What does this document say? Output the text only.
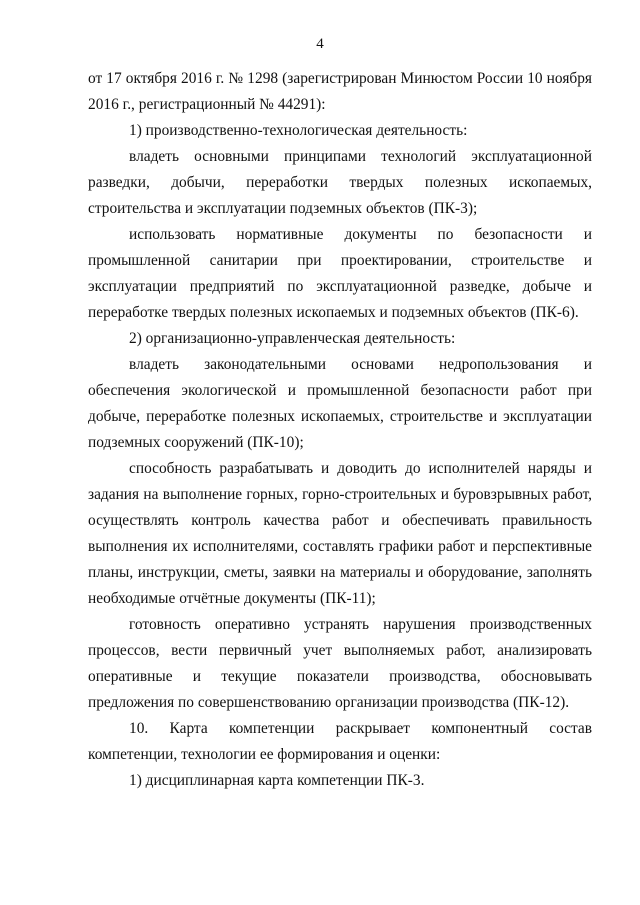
4

от 17 октября 2016 г. № 1298 (зарегистрирован Минюстом России 10 ноября 2016 г., регистрационный № 44291):

1) производственно-технологическая деятельность:

владеть основными принципами технологий эксплуатационной разведки, добычи, переработки твердых полезных ископаемых, строительства и эксплуатации подземных объектов (ПК-3);

использовать нормативные документы по безопасности и промышленной санитарии при проектировании, строительстве и эксплуатации предприятий по эксплуатационной разведке, добыче и переработке твердых полезных ископаемых и подземных объектов (ПК-6).

2) организационно-управленческая деятельность:

владеть законодательными основами недропользования и обеспечения экологической и промышленной безопасности работ при добыче, переработке полезных ископаемых, строительстве и эксплуатации подземных сооружений (ПК-10);

способность разрабатывать и доводить до исполнителей наряды и задания на выполнение горных, горно-строительных и буровзрывных работ, осуществлять контроль качества работ и обеспечивать правильность выполнения их исполнителями, составлять графики работ и перспективные планы, инструкции, сметы, заявки на материалы и оборудование, заполнять необходимые отчётные документы (ПК-11);

готовность оперативно устранять нарушения производственных процессов, вести первичный учет выполняемых работ, анализировать оперативные и текущие показатели производства, обосновывать предложения по совершенствованию организации производства (ПК-12).

10. Карта компетенции раскрывает компонентный состав компетенции, технологии ее формирования и оценки:

1) дисциплинарная карта компетенции ПК-3.
